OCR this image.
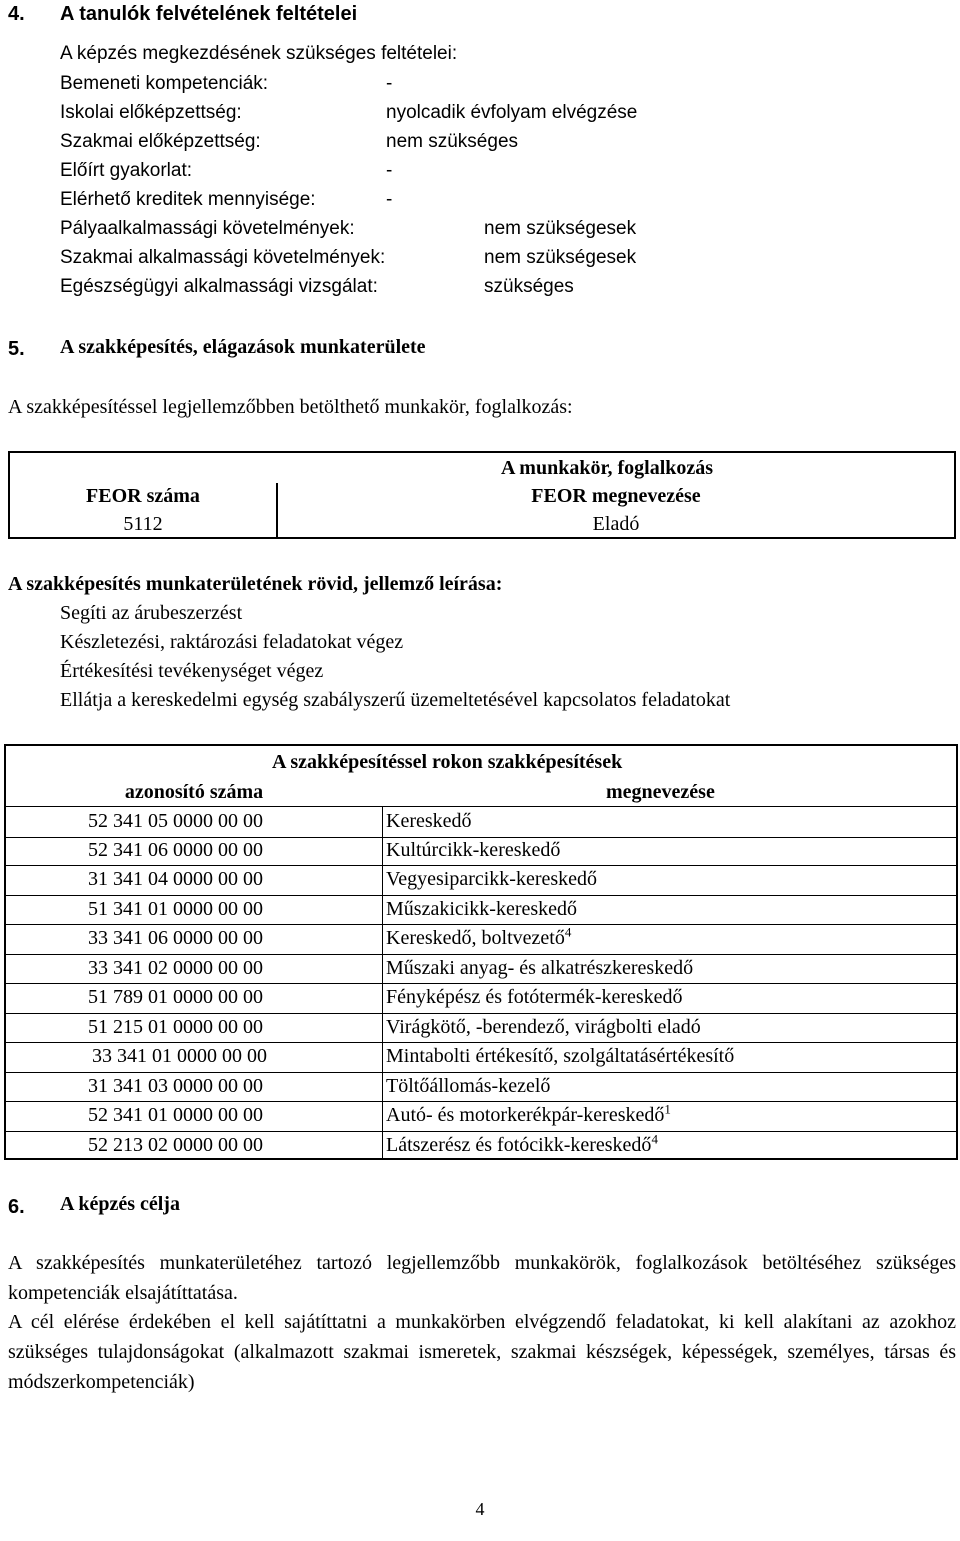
4. A tanulók felvételének feltételei
A képzés megkezdésének szükséges feltételei:
Bemeneti kompetenciák:	-
Iskolai előképzettség:	nyolcadik évfolyam elvégzése
Szakmai előképzettség:	nem szükséges
Előírt gyakorlat:	-
Elérhető kreditek mennyisége:	-
Pályaalkalmassági követelmények:	nem szükségesek
Szakmai alkalmassági követelmények:	nem szükségesek
Egészségügyi alkalmassági vizsgálat:	szükséges
5. A szakképesítés, elágazások munkaterülete
A szakképesítéssel legjellemzőbben betölthető munkakör, foglalkozás:
A munkakör, foglalkozás
FEOR száma	FEOR megnevezése
5112	Eladó
A szakképesítés munkaterületének rövid, jellemző leírása:
Segíti az árubeszerzést
Készletezési, raktározási feladatokat végez
Értékesítési tevékenységet végez
Ellátja a kereskedelmi egység szabályszerű üzemeltetésével kapcsolatos feladatokat
A szakképesítéssel rokon szakképesítések
azonosító száma	megnevezése
52 341 05 0000 00 00	Kereskedő
52 341 06 0000 00 00	Kultúrcikk-kereskedő
31 341 04 0000 00 00	Vegyesiparcikk-kereskedő
51 341 01 0000 00 00	Műszakicikk-kereskedő
33 341 06 0000 00 00	Kereskedő, boltvezető$^4$
33 341 02 0000 00 00	Műszaki anyag- és alkatrészkereskedő
51 789 01 0000 00 00	Fényképész és fotótermék-kereskedő
51 215 01 0000 00 00	Virágkötő, -berendező, virágbolti eladó
33 341 01 0000 00 00	Mintabolti értékesítő, szolgáltatásértékesítő
31 341 03 0000 00 00	Töltőállomás-kezelő
52 341 01 0000 00 00	Autó- és motorkerékpár-kereskedő$^1$
52 213 02 0000 00 00	Látszerész és fotócikk-kereskedő$^4$
6. A képzés célja
A szakképesítés munkaterületéhez tartozó legjellemzőbb munkakörök, foglalkozások betöltéséhez szükséges kompetenciák elsajátíttatása.
A cél elérése érdekében el kell sajátíttatni a munkakörben elvégzendő feladatokat, ki kell alakítani az azokhoz szükséges tulajdonságokat (alkalmazott szakmai ismeretek, szakmai készségek, képességek, személyes, társas és módszerkompetenciák)
4
